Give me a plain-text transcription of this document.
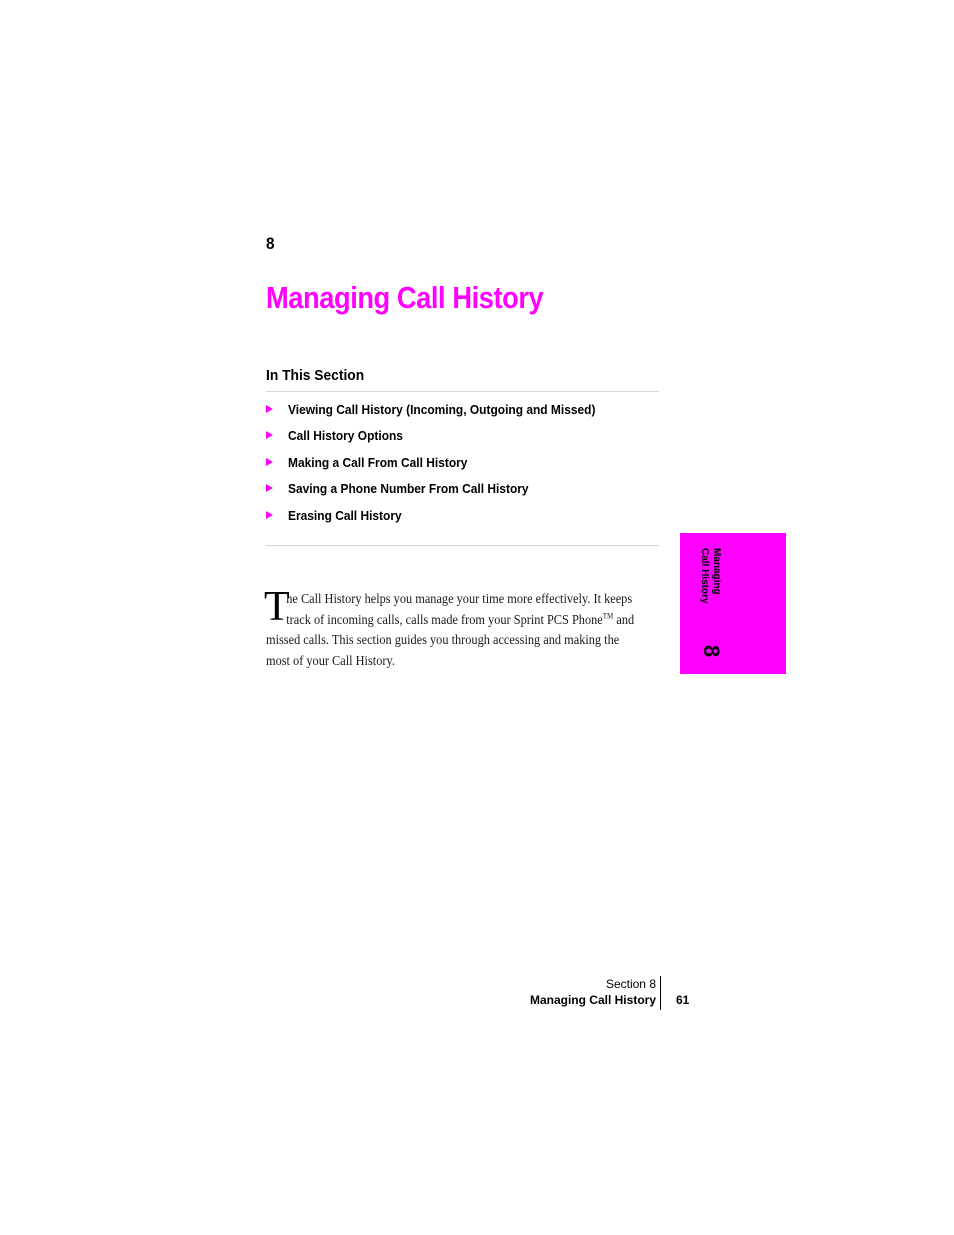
8
Managing Call History
In This Section
Viewing Call History (Incoming, Outgoing and Missed)
Call History Options
Making a Call From Call History
Saving a Phone Number From Call History
Erasing Call History
T

he Call History helps you manage your time more effectively. It keeps
track of incoming calls, calls made from your Sprint PCS Phone™ and
missed calls. This section guides you through accessing and making the
most of your Call History.

Managing
Call History
8
Section 8
Managing Call History 61
